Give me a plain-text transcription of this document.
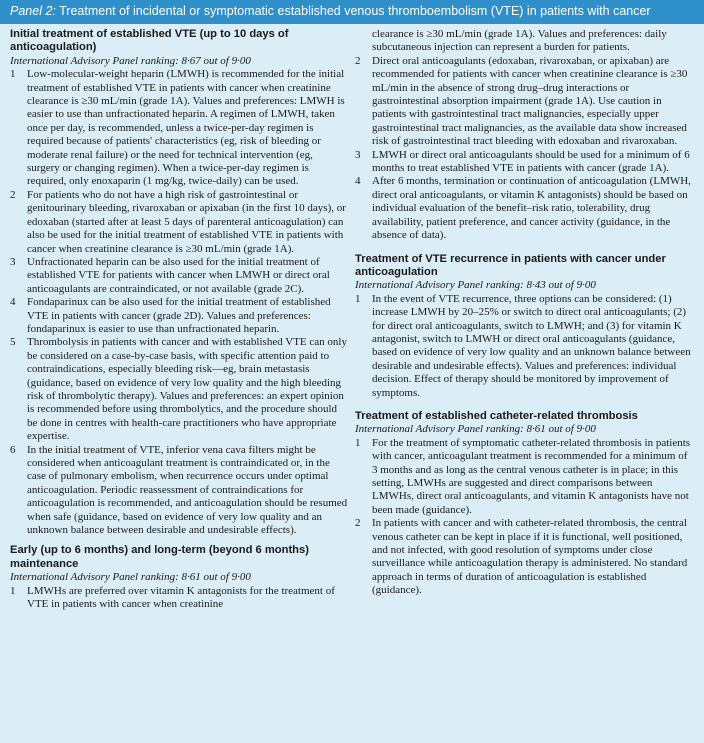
Panel 2: Treatment of incidental or symptomatic established venous thromboembolism (VTE) in patients with cancer
Initial treatment of established VTE (up to 10 days of anticoagulation)

International Advisory Panel ranking: 8·67 out of 9·00

1 Low-molecular-weight heparin (LMWH) is recommended for the initial treatment of established VTE in patients with cancer when creatinine clearance is ≥30 mL/min (grade 1A). Values and preferences: LMWH is easier to use than unfractionated heparin. A regimen of LMWH, taken once per day, is recommended, unless a twice-per-day regimen is required because of patients' characteristics (eg, risk of bleeding or moderate renal failure) or the need for technical intervention (eg, surgery or changing regimen). When a twice-per-day regimen is required, only enoxaparin (1 mg/kg, twice-daily) can be used.
2 For patients who do not have a high risk of gastrointestinal or genitourinary bleeding, rivaroxaban or apixaban (in the first 10 days), or edoxaban (started after at least 5 days of parenteral anticoagulation) can also be used for the initial treatment of established VTE in patients with cancer when creatinine clearance is ≥30 mL/min (grade 1A).
3 Unfractionated heparin can be also used for the initial treatment of established VTE for patients with cancer when LMWH or direct oral anticoagulants are contraindicated, or not available (grade 2C).
4 Fondaparinux can be also used for the initial treatment of established VTE in patients with cancer (grade 2D). Values and preferences: fondaparinux is easier to use than unfractionated heparin.
5 Thrombolysis in patients with cancer and with established VTE can only be considered on a case-by-case basis, with specific attention paid to contraindications, especially bleeding risk—eg, brain metastasis (guidance, based on evidence of very low quality and the high bleeding risk of thrombolytic therapy). Values and preferences: an expert opinion is recommended before using thrombolytics, and the procedure should be done in centres with health-care practitioners who have appropriate expertise.
6 In the initial treatment of VTE, inferior vena cava filters might be considered when anticoagulant treatment is contraindicated or, in the case of pulmonary embolism, when recurrence occurs under optimal anticoagulation. Periodic reassessment of contraindications for anticoagulation is recommended, and anticoagulation should be resumed when safe (guidance, based on evidence of very low quality and an unknown balance between desirable and undesirable effects).
Early (up to 6 months) and long-term (beyond 6 months) maintenance

International Advisory Panel ranking: 8·61 out of 9·00

1 LMWHs are preferred over vitamin K antagonists for the treatment of VTE in patients with cancer when creatinine

clearance is ≥30 mL/min (grade 1A). Values and preferences: daily subcutaneous injection can represent a burden for patients.

2 Direct oral anticoagulants (edoxaban, rivaroxaban, or apixaban) are recommended for patients with cancer when creatinine clearance is ≥30 mL/min in the absence of strong drug–drug interactions or gastrointestinal absorption impairment (grade 1A). Use caution in patients with gastrointestinal tract malignancies, especially upper gastrointestinal tract malignancies, as the available data show increased risk of gastrointestinal tract bleeding with edoxaban and rivaroxaban.
3 LMWH or direct oral anticoagulants should be used for a minimum of 6 months to treat established VTE in patients with cancer (grade 1A).
4 After 6 months, termination or continuation of anticoagulation (LMWH, direct oral anticoagulants, or vitamin K antagonists) should be based on individual evaluation of the benefit–risk ratio, tolerability, drug availability, patient preference, and cancer activity (guidance, in the absence of data).
Treatment of VTE recurrence in patients with cancer under anticoagulation

International Advisory Panel ranking: 8·43 out of 9·00

1 In the event of VTE recurrence, three options can be considered: (1) increase LMWH by 20–25% or switch to direct oral anticoagulants; (2) for direct oral anticoagulants, switch to LMWH; and (3) for vitamin K antagonist, switch to LMWH or direct oral anticoagulants (guidance, based on evidence of very low quality and an unknown balance between desirable and undesirable effects). Values and preferences: individual decision. Effect of therapy should be monitored by improvement of symptoms.
Treatment of established catheter-related thrombosis

International Advisory Panel ranking: 8·61 out of 9·00

1 For the treatment of symptomatic catheter-related thrombosis in patients with cancer, anticoagulant treatment is recommended for a minimum of 3 months and as long as the central venous catheter is in place; in this setting, LMWHs are suggested and direct comparisons between LMWHs, direct oral anticoagulants, and vitamin K antagonists have not been made (guidance).
2 In patients with cancer and with catheter-related thrombosis, the central venous catheter can be kept in place if it is functional, well positioned, and not infected, with good resolution of symptoms under close surveillance while anticoagulation therapy is administered. No standard approach in terms of duration of anticoagulation is established (guidance).
